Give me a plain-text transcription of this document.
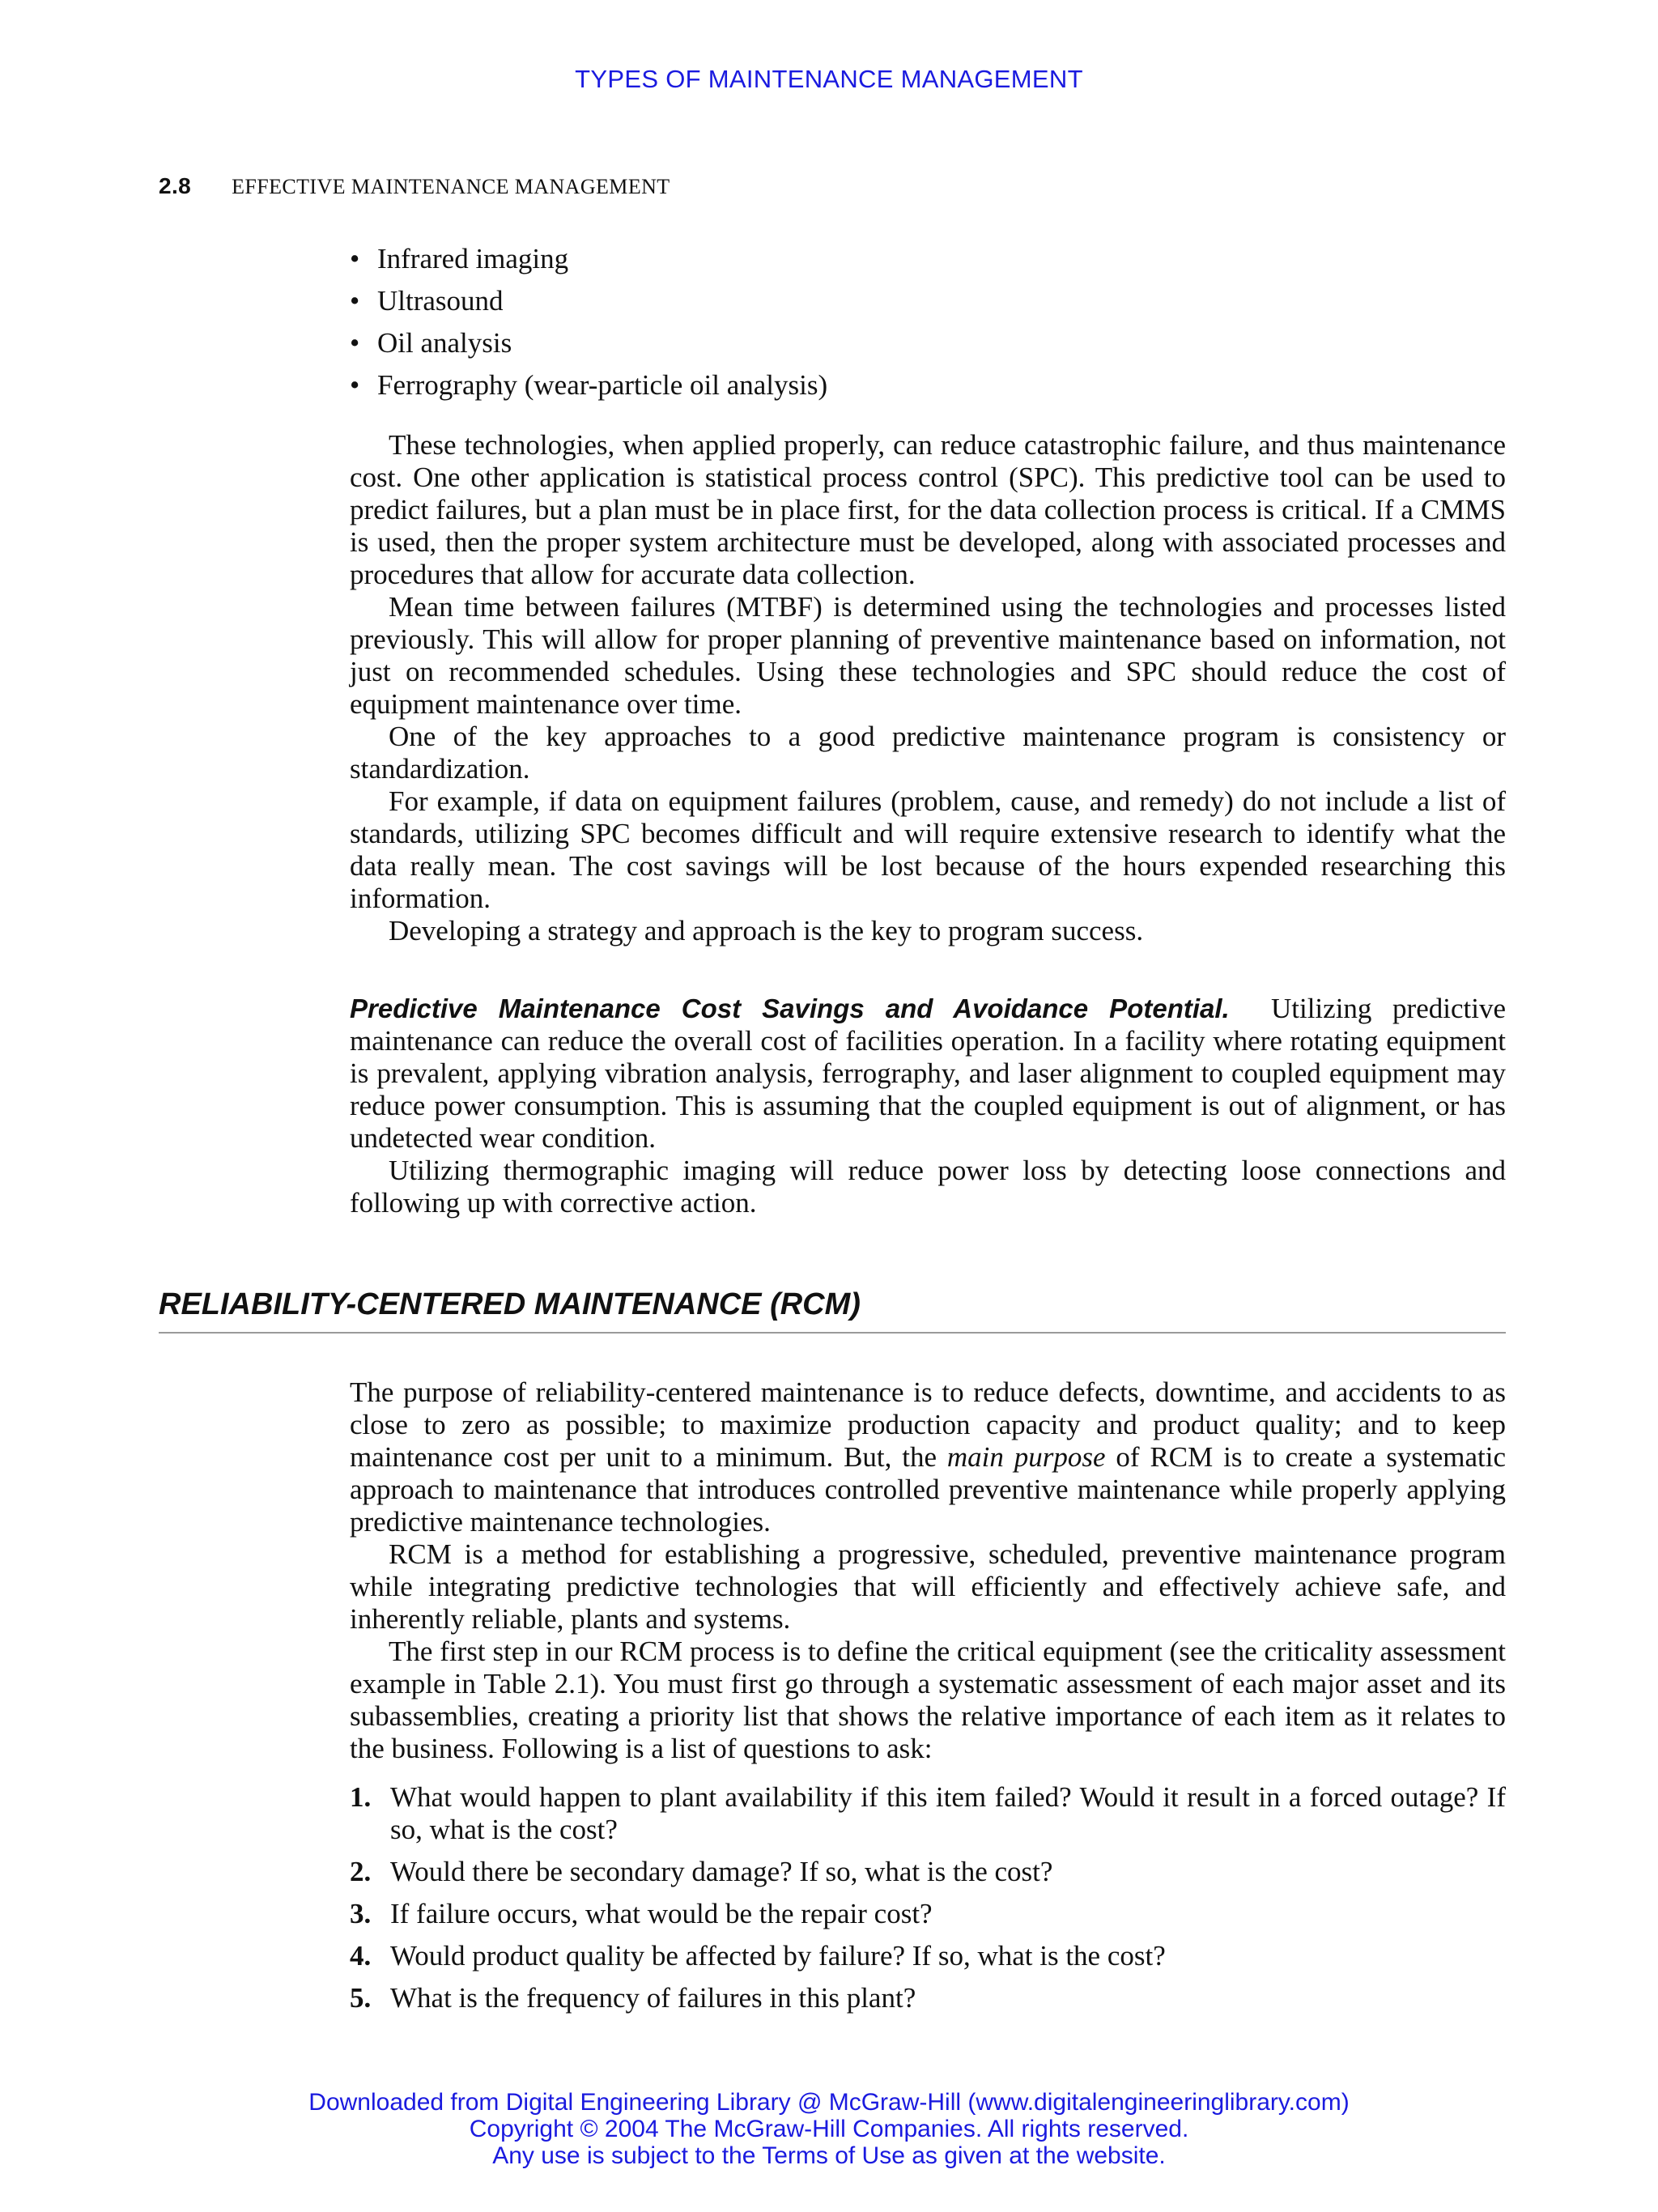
TYPES OF MAINTENANCE MANAGEMENT
2.8 EFFECTIVE MAINTENANCE MANAGEMENT
• Infrared imaging
• Ultrasound
• Oil analysis
• Ferrography (wear-particle oil analysis)

These technologies, when applied properly, can reduce catastrophic failure, and thus maintenance cost. One other application is statistical process control (SPC). This predictive tool can be used to predict failures, but a plan must be in place first, for the data collection process is critical. If a CMMS is used, then the proper system architecture must be developed, along with associated processes and procedures that allow for accurate data collection.

Mean time between failures (MTBF) is determined using the technologies and processes listed previously. This will allow for proper planning of preventive maintenance based on information, not just on recommended schedules. Using these technologies and SPC should reduce the cost of equipment maintenance over time.

One of the key approaches to a good predictive maintenance program is consistency or standardization.

For example, if data on equipment failures (problem, cause, and remedy) do not include a list of standards, utilizing SPC becomes difficult and will require extensive research to identify what the data really mean. The cost savings will be lost because of the hours expended researching this information.

Developing a strategy and approach is the key to program success.

Predictive Maintenance Cost Savings and Avoidance Potential. Utilizing predictive maintenance can reduce the overall cost of facilities operation. In a facility where rotating equipment is prevalent, applying vibration analysis, ferrography, and laser alignment to coupled equipment may reduce power consumption. This is assuming that the coupled equipment is out of alignment, or has undetected wear condition.

Utilizing thermographic imaging will reduce power loss by detecting loose connections and following up with corrective action.

RELIABILITY-CENTERED MAINTENANCE (RCM)

The purpose of reliability-centered maintenance is to reduce defects, downtime, and accidents to as close to zero as possible; to maximize production capacity and product quality; and to keep maintenance cost per unit to a minimum. But, the main purpose of RCM is to create a systematic approach to maintenance that introduces controlled preventive maintenance while properly applying predictive maintenance technologies.

RCM is a method for establishing a progressive, scheduled, preventive maintenance program while integrating predictive technologies that will efficiently and effectively achieve safe, and inherently reliable, plants and systems.

The first step in our RCM process is to define the critical equipment (see the criticality assessment example in Table 2.1). You must first go through a systematic assessment of each major asset and its subassemblies, creating a priority list that shows the relative importance of each item as it relates to the business. Following is a list of questions to ask:

1. What would happen to plant availability if this item failed? Would it result in a forced outage? If so, what is the cost?
2. Would there be secondary damage? If so, what is the cost?
3. If failure occurs, what would be the repair cost?
4. Would product quality be affected by failure? If so, what is the cost?
5. What is the frequency of failures in this plant?
Downloaded from Digital Engineering Library @ McGraw-Hill (www.digitalengineeringlibrary.com)
Copyright © 2004 The McGraw-Hill Companies. All rights reserved.
Any use is subject to the Terms of Use as given at the website.
